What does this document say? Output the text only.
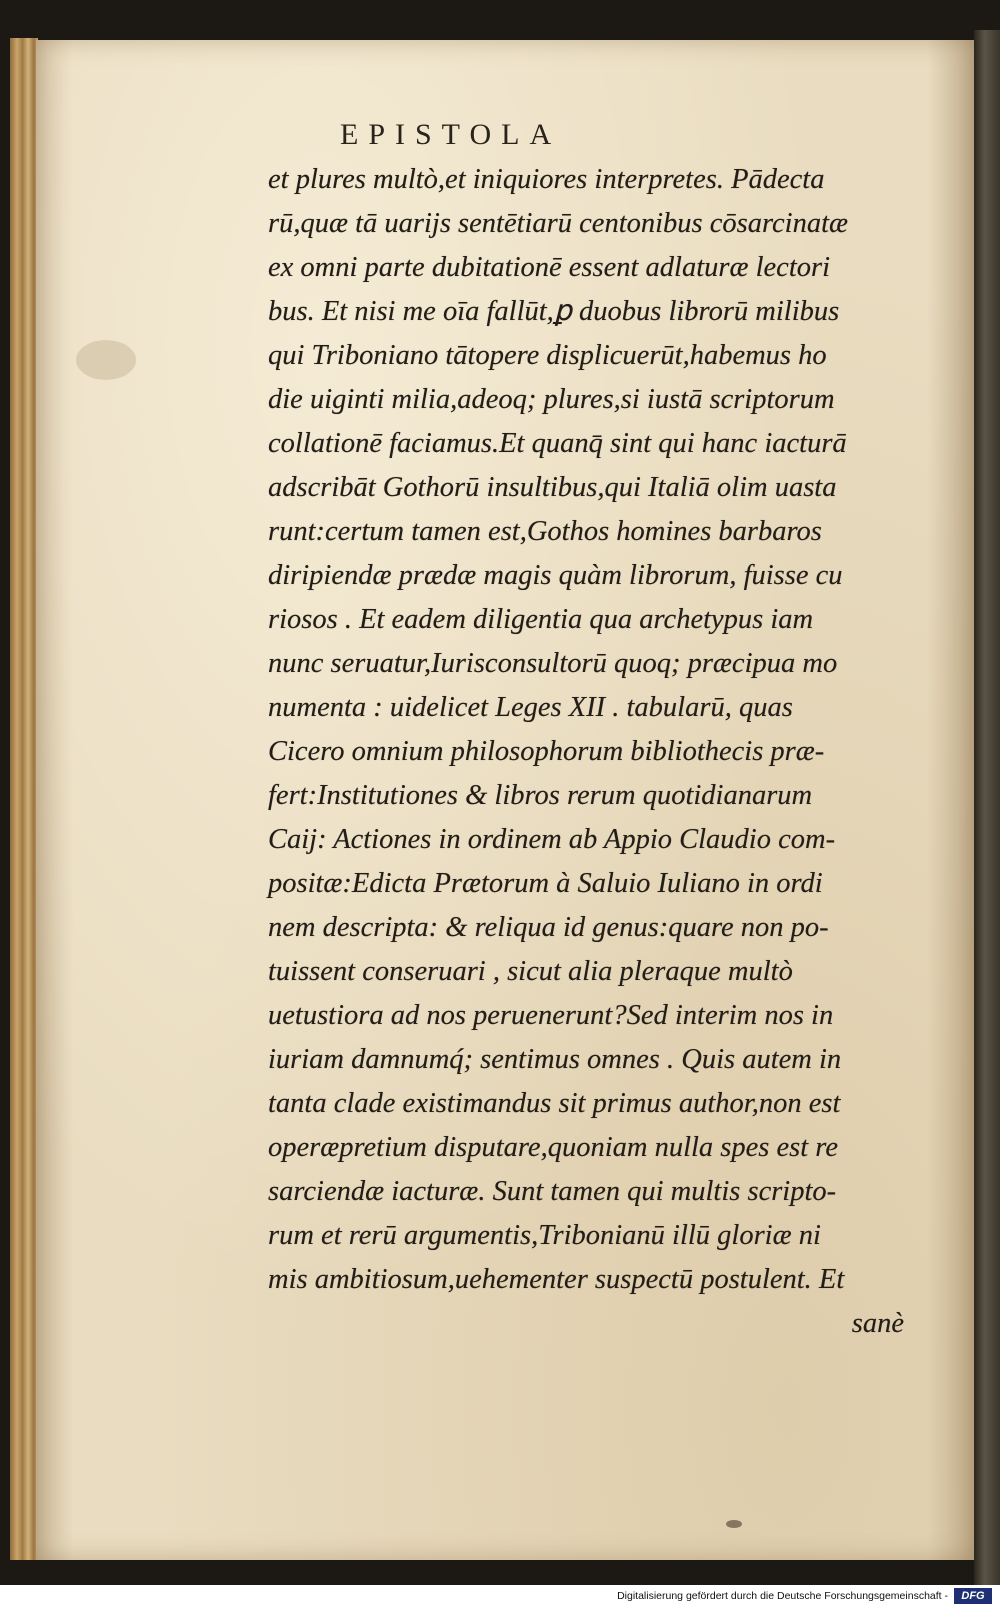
EPISTOLA
et plures multò,et iniquiores interpretes. Pādecta
rū,quæ tā uarijs sentētiarū centonibus cōsarcinatæ
ex omni parte dubitationē essent adlaturæ lectori
bus. Et nisi me oīa fallūt,ꝑ duobus librorū milibus
qui Triboniano tātopere displicuerūt,habemus ho
die uiginti milia,adeoq; plures,si iustā scriptorum
collationē faciamus.Et quanq̄ sint qui hanc iacturā
adscribāt Gothorū insultibus,qui Italiā olim uasta
runt:certum tamen est,Gothos homines barbaros
diripiendæ prædæ magis quàm librorum, fuisse cu
riosos . Et eadem diligentia qua archetypus iam
nunc seruatur,Iurisconsultorū quoq; præcipua mo
numenta : uidelicet Leges XII . tabularū, quas
Cicero omnium philosophorum bibliothecis præ-
fert:Institutiones & libros rerum quotidianarum
Caij: Actiones in ordinem ab Appio Claudio com-
positæ:Edicta Prætorum à Saluio Iuliano in ordi
nem descripta: & reliqua id genus:quare non po-
tuissent conseruari , sicut alia pleraque multò
uetustiora ad nos peruenerunt?Sed interim nos in
iuriam damnumq́; sentimus omnes . Quis autem in
tanta clade existimandus sit primus author,non est
operæpretium disputare,quoniam nulla spes est re
sarciendæ iacturæ. Sunt tamen qui multis scripto-
rum et rerū argumentis,Tribonianū illū gloriæ ni
mis ambitiosum,uehementer suspectū postulent. Et
sanè
Digitalisierung gefördert durch die Deutsche Forschungsgemeinschaft -	DFG
